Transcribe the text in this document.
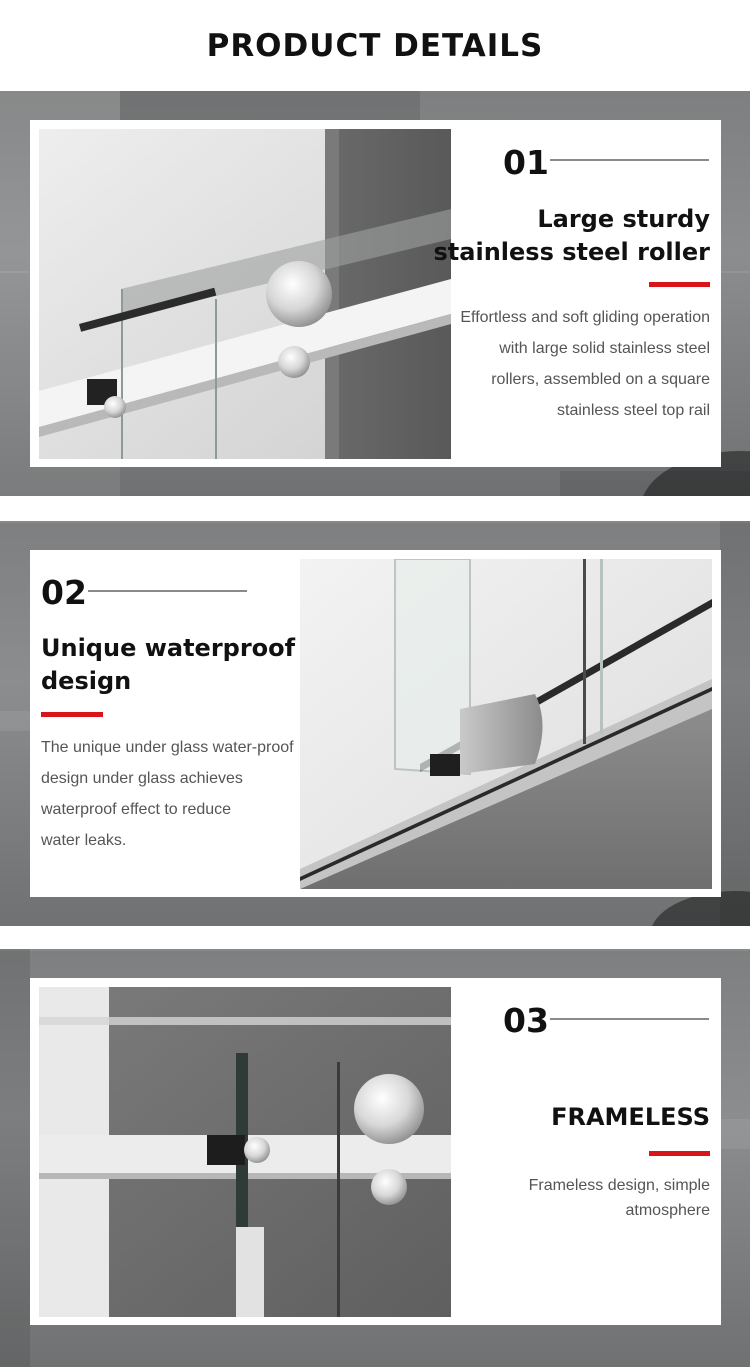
PRODUCT DETAILS
01
Large sturdy
stainless steel roller
Effortless and soft gliding operation
with large solid stainless steel
rollers, assembled on a square
stainless steel top rail
02
Unique waterproof
design
The unique under glass water-proof
design under glass achieves
waterproof effect to reduce
water leaks.
03
FRAMELESS
Frameless design, simple
atmosphere
